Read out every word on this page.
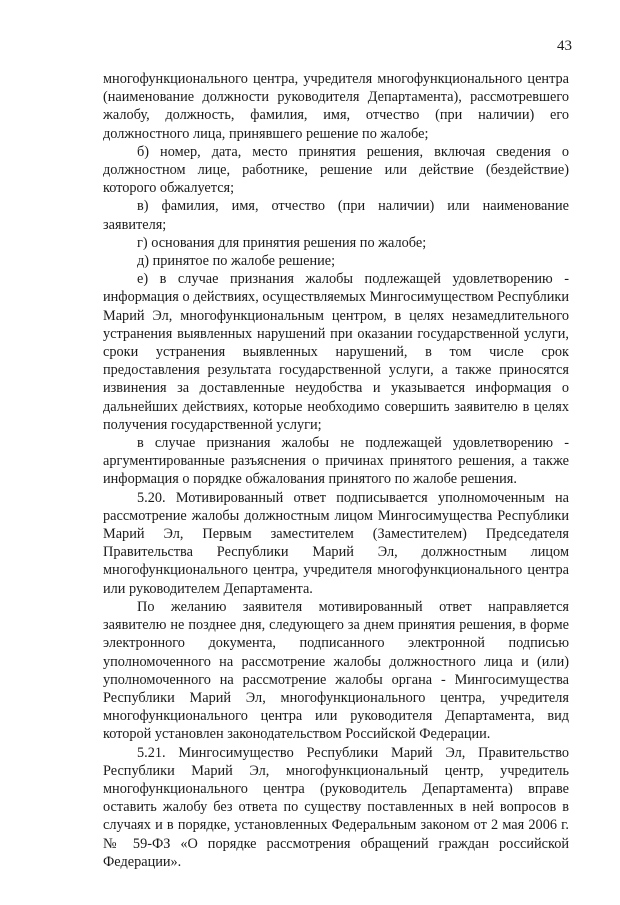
43

многофункционального центра, учредителя многофункционального центра (наименование должности руководителя Департамента), рассмотревшего жалобу, должность, фамилия, имя, отчество (при наличии) его должностного лица, принявшего решение по жалобе;

б) номер, дата, место принятия решения, включая сведения о должностном лице, работнике, решение или действие (бездействие) которого обжалуется;

в) фамилия, имя, отчество (при наличии) или наименование заявителя;

г) основания для принятия решения по жалобе;

д) принятое по жалобе решение;

е) в случае признания жалобы подлежащей удовлетворению - информация о действиях, осуществляемых Мингосимуществом Республики Марий Эл, многофункциональным центром, в целях незамедлительного устранения выявленных нарушений при оказании государственной услуги, сроки устранения выявленных нарушений, в том числе срок предоставления результата государственной услуги, а также приносятся извинения за доставленные неудобства и указывается информация о дальнейших действиях, которые необходимо совершить заявителю в целях получения государственной услуги;

в случае признания жалобы не подлежащей удовлетворению - аргументированные разъяснения о причинах принятого решения, а также информация о порядке обжалования принятого по жалобе решения.

5.20. Мотивированный ответ подписывается уполномоченным на рассмотрение жалобы должностным лицом Мингосимущества Республики Марий Эл, Первым заместителем (Заместителем) Председателя Правительства Республики Марий Эл, должностным лицом многофункционального центра, учредителя многофункционального центра или руководителем Департамента.

По желанию заявителя мотивированный ответ направляется заявителю не позднее дня, следующего за днем принятия решения, в форме электронного документа, подписанного электронной подписью уполномоченного на рассмотрение жалобы должностного лица и (или) уполномоченного на рассмотрение жалобы органа - Мингосимущества Республики Марий Эл, многофункционального центра, учредителя многофункционального центра или руководителя Департамента, вид которой установлен законодательством Российской Федерации.

5.21. Мингосимущество Республики Марий Эл, Правительство Республики Марий Эл, многофункциональный центр, учредитель многофункционального центра (руководитель Департамента) вправе оставить жалобу без ответа по существу поставленных в ней вопросов в случаях и в порядке, установленных Федеральным законом от 2 мая 2006 г. № 59-ФЗ «О порядке рассмотрения обращений граждан российской Федерации».
